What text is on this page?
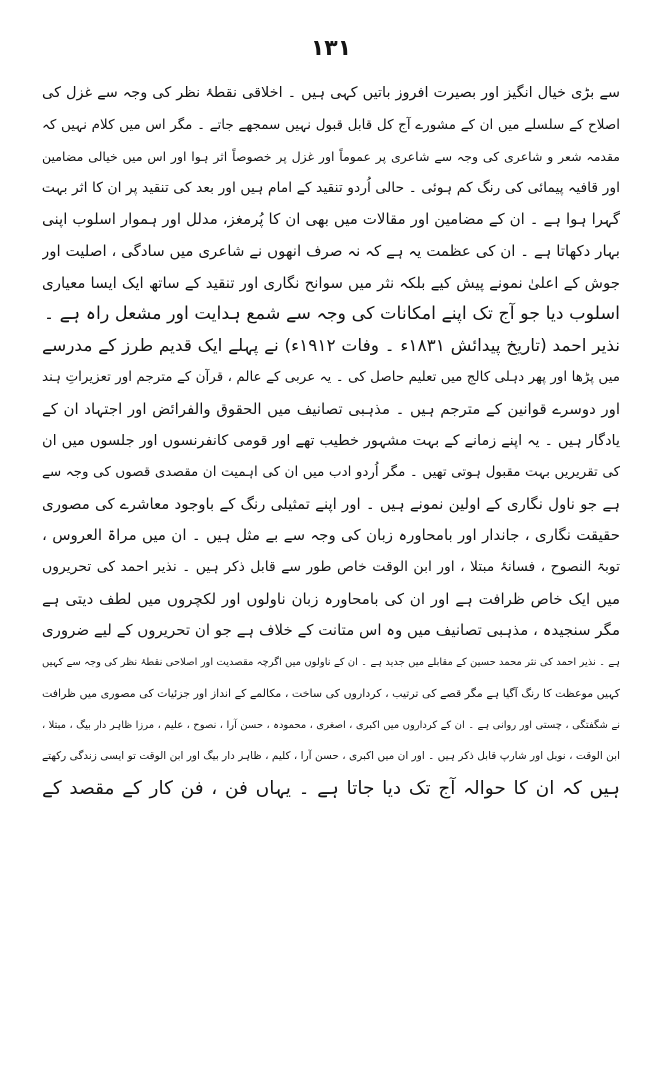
۱۳۱
سے بڑی خیال انگیز اور بصیرت افروز باتیں کہی ہیں ۔ اخلاقی نقطۂ نظر کی وجہ سے غزل کی
اصلاح کے سلسلے میں ان کے مشورے آج کل قابل قبول نہیں سمجھے جاتے ۔ مگر اس میں کلام نہیں کہ
مقدمہ شعر و شاعری کی وجہ سے شاعری پر عموماً اور غزل پر خصوصاً اثر ہوا اور اس میں خیالی مضامین
اور قافیہ پیمائی کی رنگ کم ہوئی ۔ حالی اُردو تنقید کے امام ہیں اور بعد کی تنقید پر ان کا اثر بہت
گہرا ہوا ہے ۔ ان کے مضامین اور مقالات میں بھی ان کا پُرمغز، مدلل اور ہموار اسلوب اپنی
بہار دکھاتا ہے ۔ ان کی عظمت یہ ہے کہ نہ صرف انھوں نے شاعری میں سادگی ، اصلیت اور
جوش کے اعلیٰ نمونے پیش کیے بلکہ نثر میں سوانح نگاری اور تنقید کے ساتھ ایک ایسا معیاری
اسلوب دیا جو آج تک اپنے امکانات کی وجہ سے شمع ہدایت اور مشعل راہ ہے ۔
نذیر احمد (تاریخ پیدائش ۱۸۳۱ء ۔ وفات ۱۹۱۲ء) نے پہلے ایک قدیم طرز کے مدرسے
میں پڑھا اور پھر دہلی کالج میں تعلیم حاصل کی ۔ یہ عربی کے عالم ، قرآن کے مترجم اور تعزیراتِ ہند
اور دوسرے قوانین کے مترجم ہیں ۔ مذہبی تصانیف میں الحقوق والفرائض اور اجتہاد ان کے
یادگار ہیں ۔ یہ اپنے زمانے کے بہت مشہور خطیب تھے اور قومی کانفرنسوں اور جلسوں میں ان
کی تقریریں بہت مقبول ہوتی تھیں ۔ مگر اُردو ادب میں ان کی اہمیت ان مقصدی قصوں کی وجہ سے
ہے جو ناول نگاری کے اولین نمونے ہیں ۔ اور اپنے تمثیلی رنگ کے باوجود معاشرے کی مصوری
حقیقت نگاری ، جاندار اور بامحاورہ زبان کی وجہ سے بے مثل ہیں ۔ ان میں مراۃ العروس ،
توبۃ النصوح ، فسانۂ مبتلا ، اور ابن الوقت خاص طور سے قابل ذکر ہیں ۔ نذیر احمد کی تحریروں
میں ایک خاص ظرافت ہے اور ان کی بامحاورہ زبان ناولوں اور لکچروں میں لطف دیتی ہے
مگر سنجیدہ ، مذہبی تصانیف میں وہ اس متانت کے خلاف ہے جو ان تحریروں کے لیے ضروری
ہے ۔ نذیر احمد کی نثر محمد حسین کے مقابلے میں جدید ہے ۔ ان کے ناولوں میں اگرچہ مقصدیت اور اصلاحی نقطۂ نظر کی وجہ سے کہیں
کہیں موعظت کا رنگ آگیا ہے مگر قصے کی ترتیب ، کرداروں کی ساخت ، مکالمے کے انداز اور جزئیات کی مصوری میں ظرافت
نے شگفتگی ، چستی اور روانی ہے ۔ ان کے کرداروں میں اکبری ، اصغری ، محمودہ ، حسن آرا ، نصوح ، علیم ، مرزا ظاہر دار بیگ ، مبتلا ،
ابن الوقت ، نوبل اور شارپ قابل ذکر ہیں ۔ اور ان میں اکبری ، حسن آرا ، کلیم ، ظاہر دار بیگ اور ابن الوقت تو ایسی زندگی رکھتے
ہیں کہ ان کا حوالہ آج تک دیا جاتا ہے ۔ یہاں فن ، فن کار کے مقصد کے
